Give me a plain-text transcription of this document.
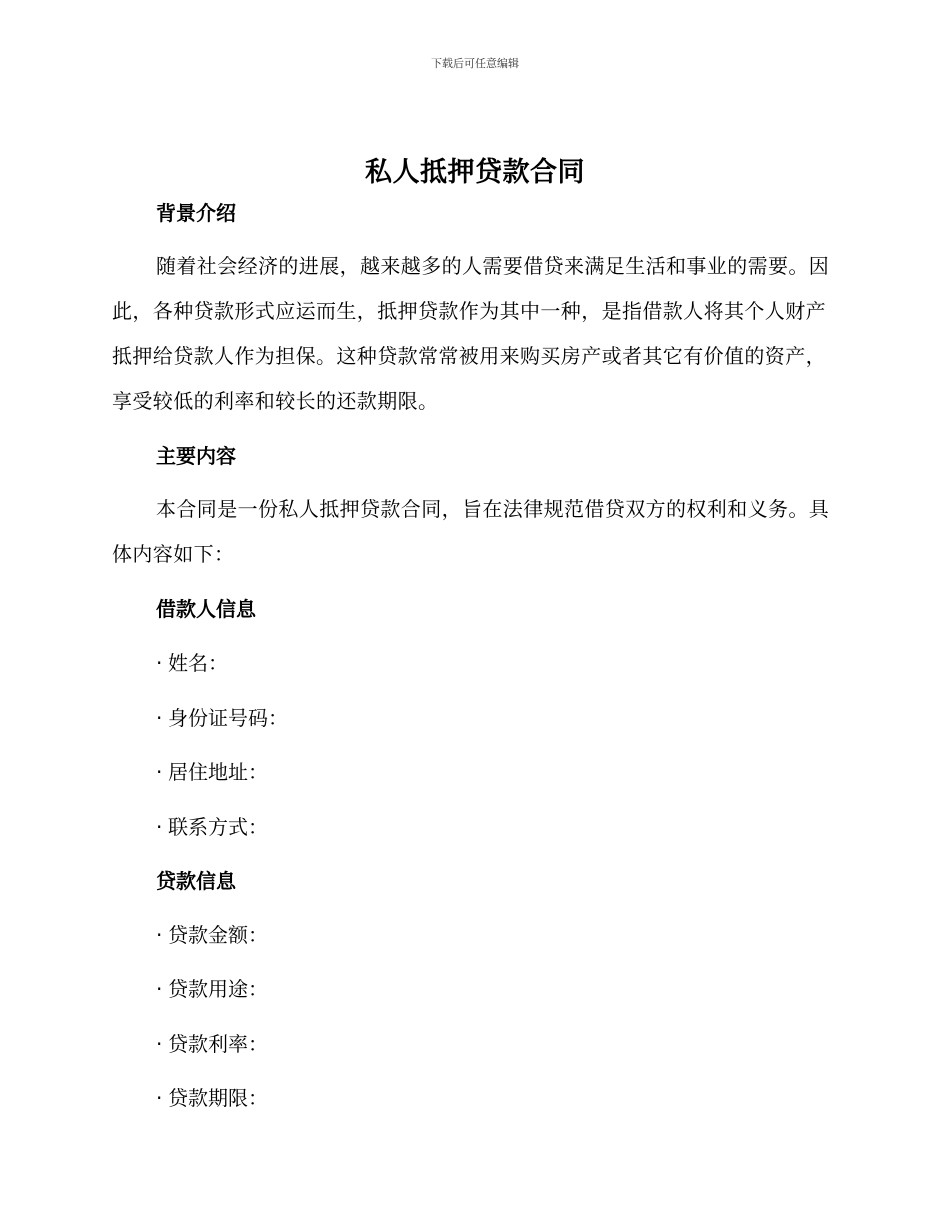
下载后可任意编辑
私人抵押贷款合同
背景介绍

随着社会经济的进展，越来越多的人需要借贷来满足生活和事业的需要。因此，各种贷款形式应运而生，抵押贷款作为其中一种，是指借款人将其个人财产抵押给贷款人作为担保。这种贷款常常被用来购买房产或者其它有价值的资产，享受较低的利率和较长的还款期限。

主要内容

本合同是一份私人抵押贷款合同，旨在法律规范借贷双方的权利和义务。具体内容如下：

借款人信息

· 姓名：

· 身份证号码：

· 居住地址：

· 联系方式：

贷款信息

· 贷款金额：

· 贷款用途：

· 贷款利率：

· 贷款期限：
